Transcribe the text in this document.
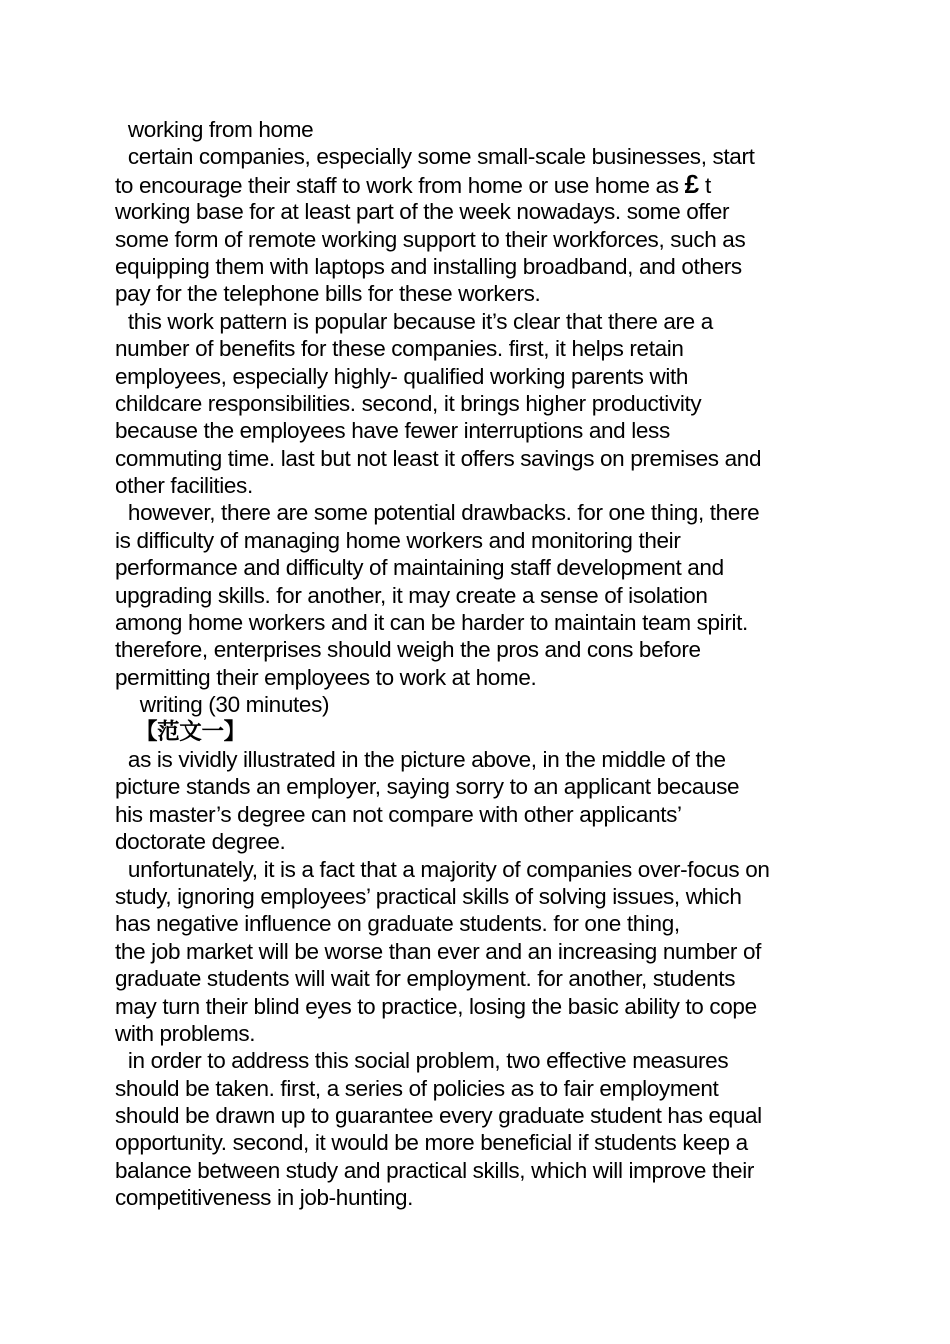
working from home
certain companies, especially some small-scale businesses, start
to encourage their staff to work from home or use home as £ t
working base for at least part of the week nowadays. some offer
some form of remote working support to their workforces, such as
equipping them with laptops and installing broadband, and others
pay for the telephone bills for these workers.
this work pattern is popular because it’s clear that there are a
number of benefits for these companies. first, it helps retain
employees, especially highly- qualified working parents with
childcare responsibilities. second, it brings higher productivity
because the employees have fewer interruptions and less
commuting time. last but not least it offers savings on premises and
other facilities.
however, there are some potential drawbacks. for one thing, there
is difficulty of managing home workers and monitoring their
performance and difficulty of maintaining staff development and
upgrading skills. for another, it may create a sense of isolation
among home workers and it can be harder to maintain team spirit.
therefore, enterprises should weigh the pros and cons before
permitting their employees to work at home.
writing (30 minutes)
【范文一】
as is vividly illustrated in the picture above, in the middle of the
picture stands an employer, saying sorry to an applicant because
his master’s degree can not compare with other applicants’
doctorate degree.
unfortunately, it is a fact that a majority of companies over-focus on
study, ignoring employees’ practical skills of solving issues, which
has negative influence on graduate students. for one thing,
the job market will be worse than ever and an increasing number of
graduate students will wait for employment. for another, students
may turn their blind eyes to practice, losing the basic ability to cope
with problems.
in order to address this social problem, two effective measures
should be taken. first, a series of policies as to fair employment
should be drawn up to guarantee every graduate student has equal
opportunity. second, it would be more beneficial if students keep a
balance between study and practical skills, which will improve their
competitiveness in job-hunting.
